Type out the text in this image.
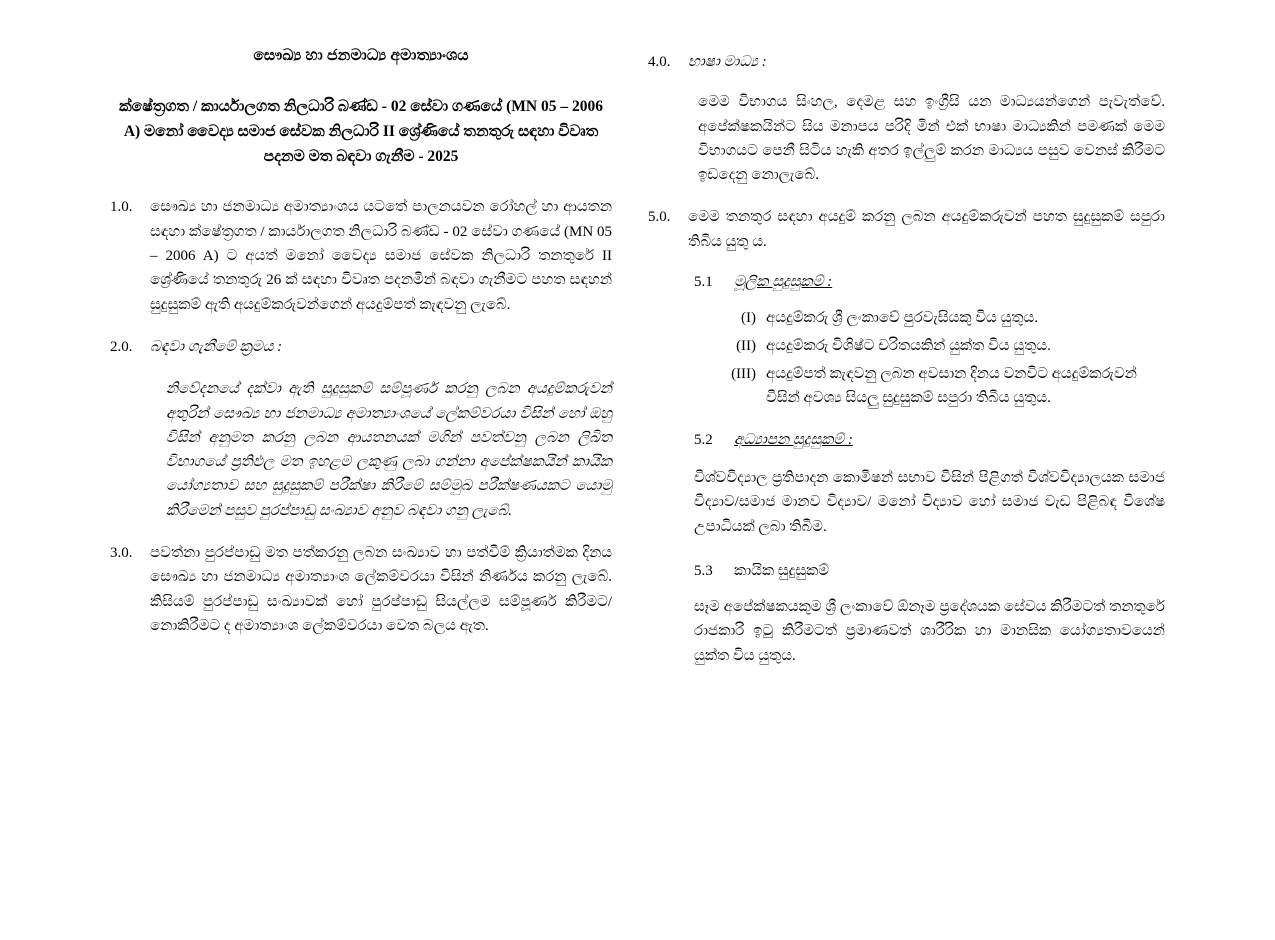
සෞඛ්‍ය හා ජනමාධ්‍ය අමාත්‍යාංශය
ක්ෂේත්‍රගත / කාර්යාලගත නිලධාරි බණ්ඩ - 02 සේවා ගණයේ (MN 05 – 2006 A) මනෝ වෛද්‍ය සමාජ සේවක නිලධාරි II ශ්‍රේණියේ තනතුරු සඳහා විවෘත පදනම මත බඳවා ගැනීම - 2025
1.0.	සෞඛ්‍ය හා ජනමාධ්‍ය අමාත්‍යාංශය යටතේ පාලනයවන රෝහල් හා ආයතන සඳහා ක්ෂේත්‍රගත / කාර්යාලගත නිලධාරි බණ්ඩ - 02 සේවා ගණයේ (MN 05 – 2006 A) ට අයත් මනෝ වෛද්‍ය සමාජ සේවක නිලධාරි තනතුරේ II ශ්‍රේණියේ තනතුරු 26 ක් සඳහා විවෘත පදනමින් බඳවා ගැනීමට පහත සඳහන් සුදුසුකම් ඇති අයදුම්කරුවන්ගෙන් අයදුම්පත් කැඳවනු ලැබේ.
2.0.	බඳවා ගැනීමේ ක්‍රමය :
නිවේදනයේ දක්වා ඇති සුදුසුකම් සම්පූර්ණ කරනු ලබන අයදුම්කරුවන් අතුරින් සෞඛ්‍ය හා ජනමාධ්‍ය අමාත්‍යාංශයේ ලේකම්වරයා විසින් හෝ ඔහු විසින් අනුමත කරනු ලබන ආයතනයක් මගින් පවත්වනු ලබන ලිඛිත විභාගයේ ප්‍රතිඵල මත ඉහළම ලකුණු ලබා ගන්නා අපේක්ෂකයින් කායික යෝග්‍යතාව සහ සුදුසුකම් පරීක්ෂා කිරීමේ සම්මුඛ පරීක්ෂණයකට යොමු කිරීමෙන් පසුව පුරප්පාඩු සංඛ්‍යාව අනුව බඳවා ගනු ලැබේ.
3.0.	පවත්නා පුරප්පාඩු මත පත්කරනු ලබන සංඛ්‍යාව හා පත්වීම් ක්‍රියාත්මක දිනය සෞඛ්‍ය හා ජනමාධ්‍ය අමාත්‍යාංශ ලේකම්වරයා විසින් නිර්ණය කරනු ලැබේ. කිසියම් පුරප්පාඩු සංඛ්‍යාවක් හෝ පුරප්පාඩු සියල්ලම සම්පූර්ණ කිරීමට/ නොකිරීමට ද අමාත්‍යාංශ ලේකම්වරයා වෙත බලය ඇත.
4.0.	භාෂා මාධ්‍ය :
මෙම විභාගය සිංහල, දෙමළ සහ ඉංග්‍රීසි යන මාධ්‍යයන්ගෙන් පැවැත්වේ. අපේක්ෂකයින්ට සිය මනාපය පරිදි මින් එක් භාෂා මාධ්‍යකින් පමණක් මෙම විභාගයට පෙනී සිටිය හැකි අතර ඉල්ලුම් කරන මාධ්‍යය පසුව වෙනස් කිරීමට ඉඩදෙනු නොලැබේ.
5.0.	මෙම තනතුර සඳහා අයදුම් කරනු ලබන අයදුම්කරුවන් පහත සුදුසුකම් සපුරා තිබිය යුතු ය.
5.1	මූලික සුදුසුකම් :
(I) අයදුම්කරු ශ්‍රී ලංකාවේ පුරවැසියකු විය යුතුය.
(II) අයදුම්කරු විශිෂ්ට චරිතයකින් යුක්ත විය යුතුය.
(III) අයදුම්පත් කැඳවනු ලබන අවසාන දිනය වනවිට අයදුම්කරුවන් විසින් අවශ්‍ය සියලු සුදුසුකම් සපුරා තිබිය යුතුය.
5.2	අධ්‍යාපන සුදුසුකම් :
විශ්වවිද්‍යාල ප්‍රතිපාදන කොමිෂන් සභාව විසින් පිළිගත් විශ්වවිද්‍යාලයක සමාජ විද්‍යාව/සමාජ මානව විද්‍යාව/ මනෝ විද්‍යාව හෝ සමාජ වැඩ පිළිබඳ විශේෂ උපාධියක් ලබා තිබීම.
5.3	කායික සුදුසුකම්
සෑම අපේක්ෂකයකුම ශ්‍රී ලංකාවේ ඕනෑම ප්‍රදේශයක සේවය කිරීමටත් තනතුරේ රාජකාරි ඉටු කිරීමටත් ප්‍රමාණවත් ශාරීරික හා මානසික යෝග්‍යතාවයෙන් යුක්ත විය යුතුය.
